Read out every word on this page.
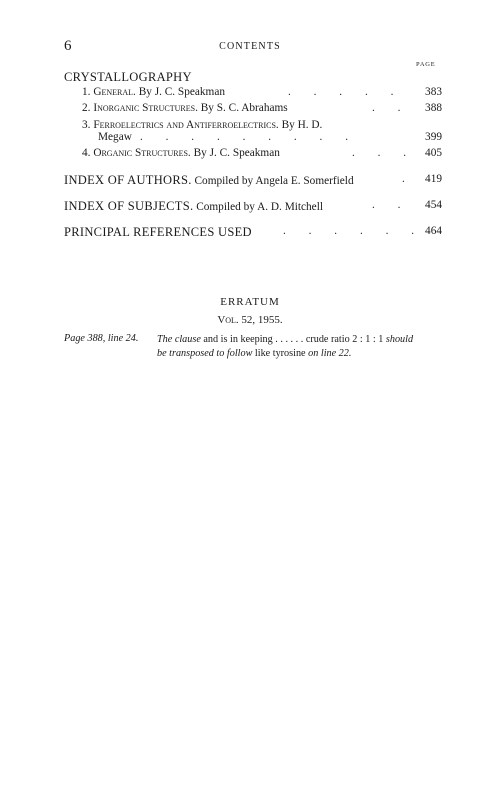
6	CONTENTS
PAGE
CRYSTALLOGRAPHY
1. General. By J. C. Speakman	. . . . .	383
2. Inorganic Structures. By S. C. Abrahams	. .	388
3. Ferroelectrics and Antiferroelectrics. By H. D.
Megaw . . . . . . . . .	399
4. Organic Structures. By J. C. Speakman	. . . 405
INDEX OF AUTHORS. Compiled by Angela E. Somerfield	.	419
INDEX OF SUBJECTS. Compiled by A. D. Mitchell	. .	454
PRINCIPAL REFERENCES USED	. . . . . . 464
ERRATUM
Vol. 52, 1955.
Page 388, line 24. The clause and is in keeping . . . . . . crude ratio 2 : 1 : 1 should
be transposed to follow like tyrosine on line 22.
